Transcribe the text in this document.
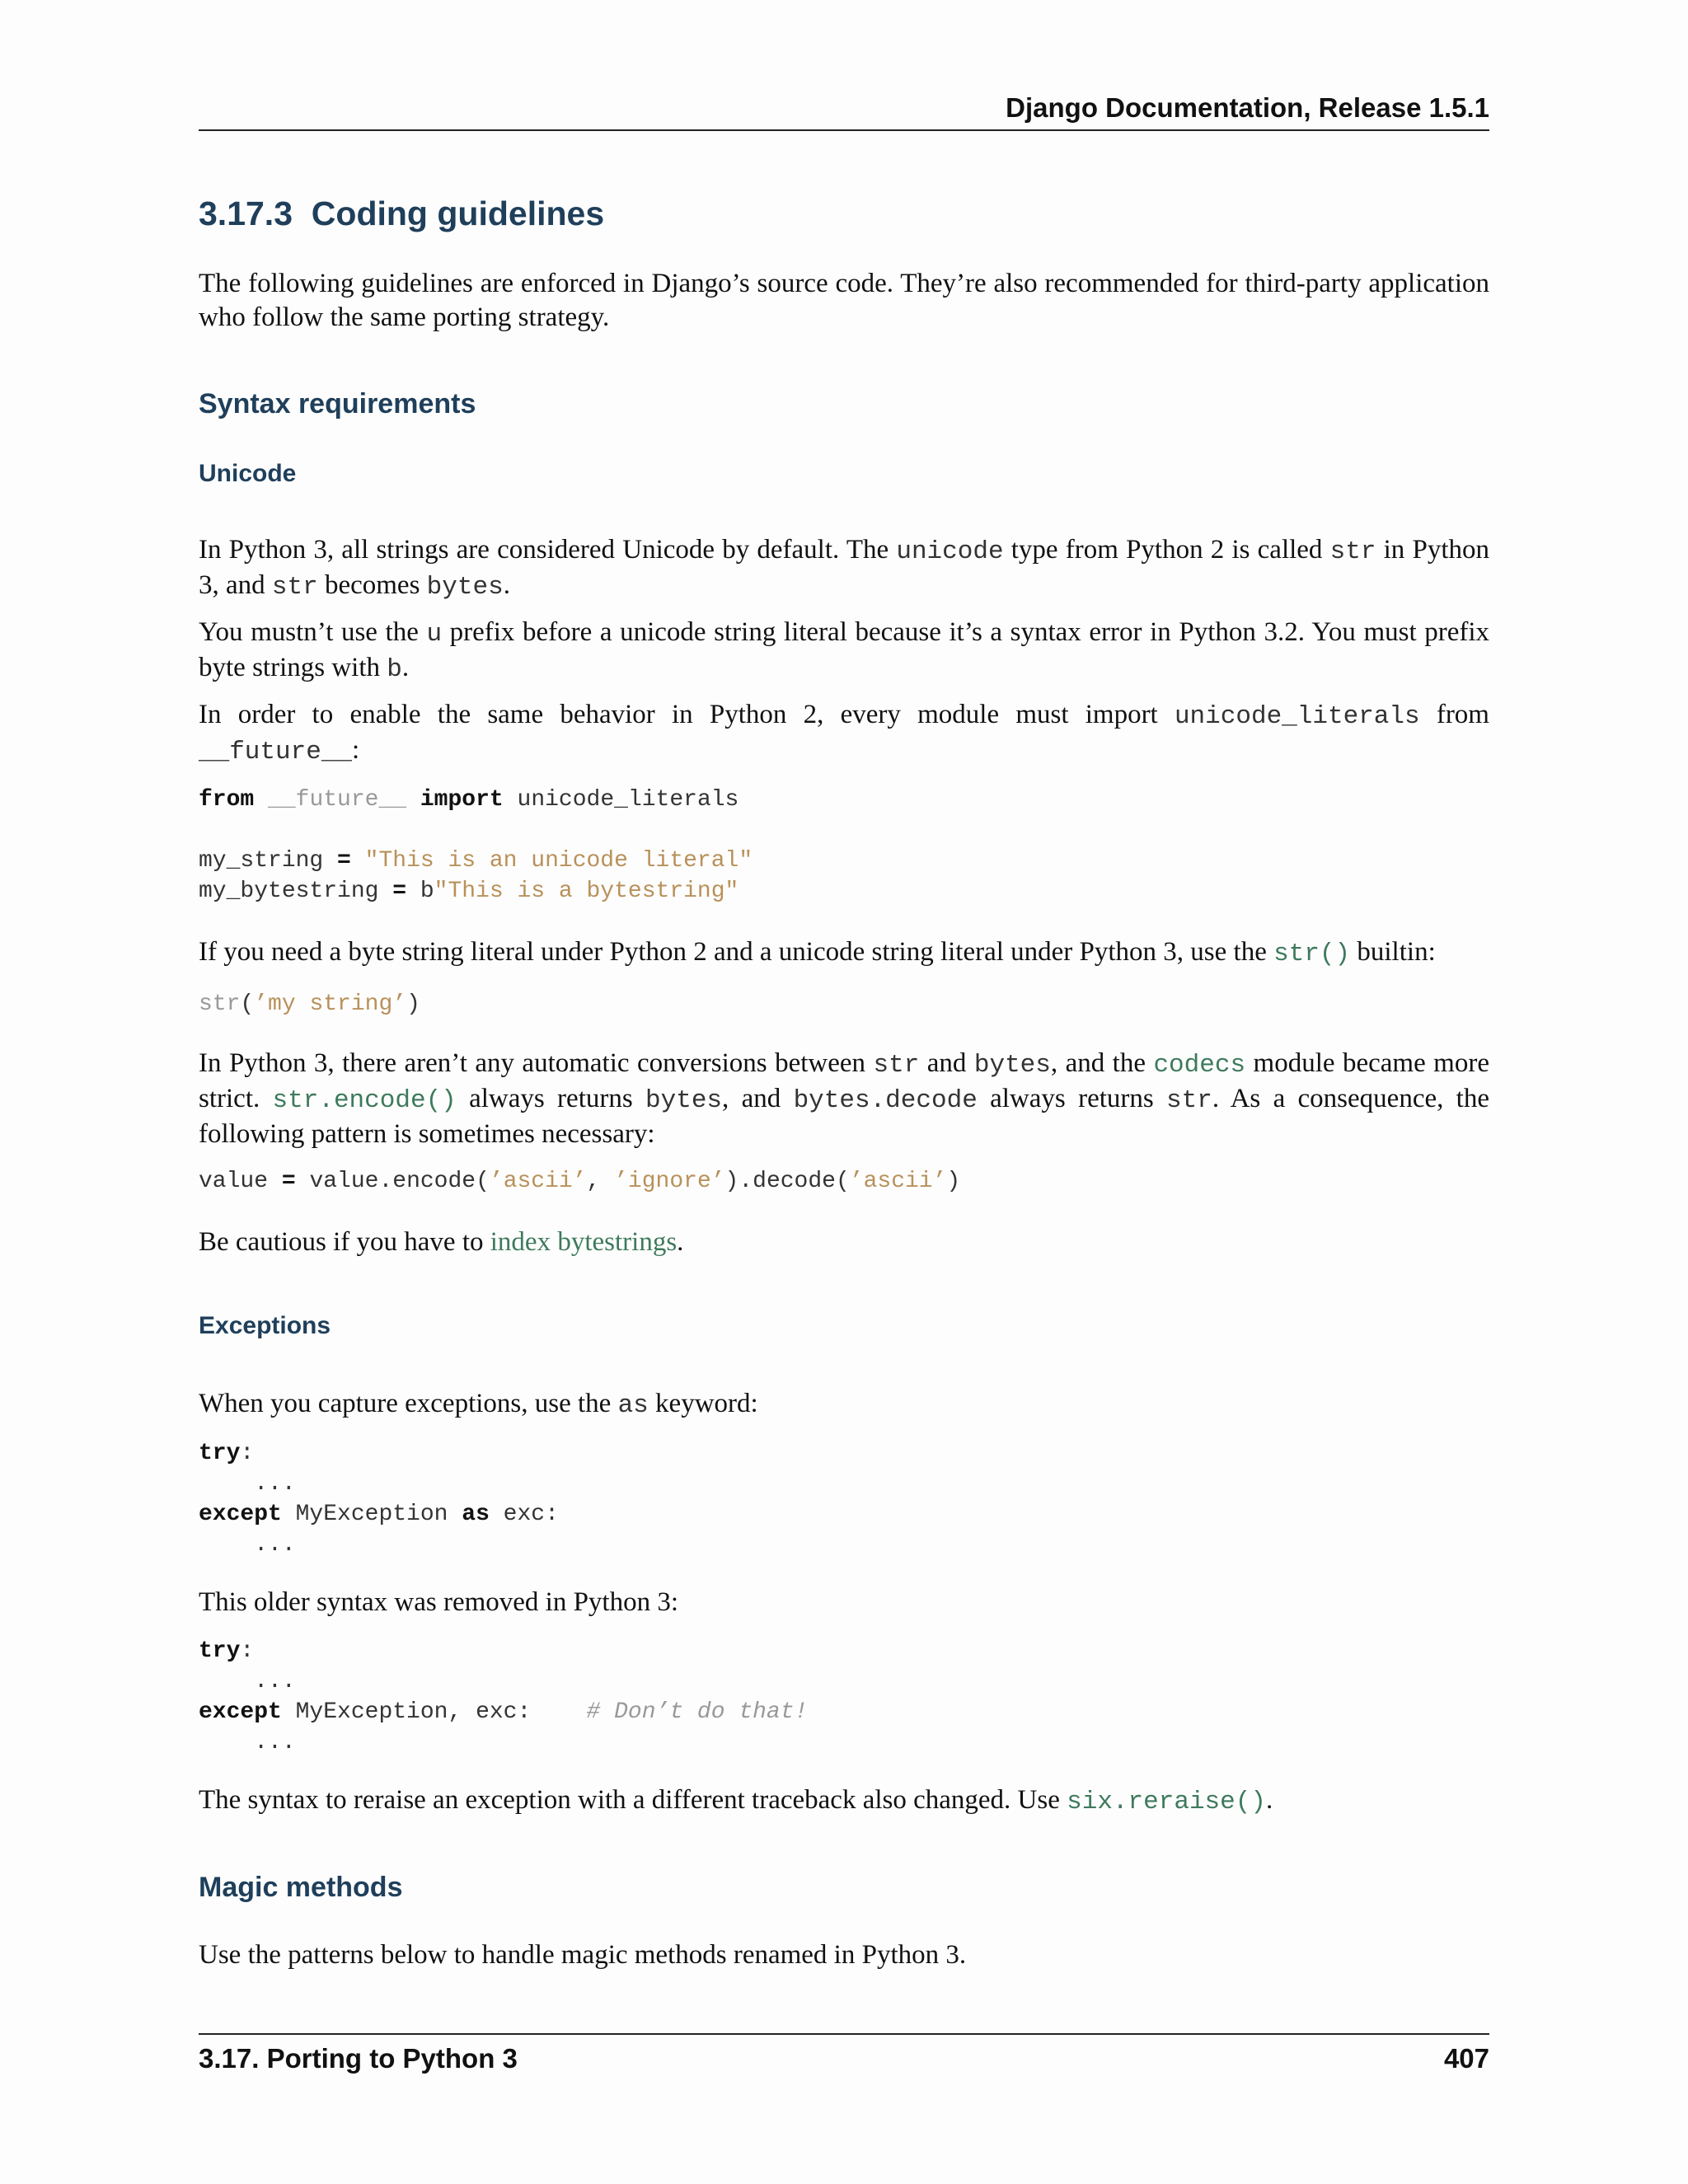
Django Documentation, Release 1.5.1
3.17.3 Coding guidelines

The following guidelines are enforced in Django’s source code. They’re also recommended for third-party application who follow the same porting strategy.

Syntax requirements
Unicode

In Python 3, all strings are considered Unicode by default. The unicode type from Python 2 is called str in Python 3, and str becomes bytes.

You mustn’t use the u prefix before a unicode string literal because it’s a syntax error in Python 3.2. You must prefix byte strings with b.

In order to enable the same behavior in Python 2, every module must import unicode_literals from __future__:

from __future__ import unicode_literals

my_string = "This is an unicode literal"
my_bytestring = b"This is a bytestring"

If you need a byte string literal under Python 2 and a unicode string literal under Python 3, use the str() builtin:

str(’my string’)

In Python 3, there aren’t any automatic conversions between str and bytes, and the codecs module became more strict. str.encode() always returns bytes, and bytes.decode always returns str. As a consequence, the following pattern is sometimes necessary:

value = value.encode(’ascii’, ’ignore’).decode(’ascii’)

Be cautious if you have to index bytestrings.

Exceptions

When you capture exceptions, use the as keyword:

try:
...
except MyException as exc:
...

This older syntax was removed in Python 3:

try:
...
except MyException, exc:    # Don’t do that!
...

The syntax to reraise an exception with a different traceback also changed. Use six.reraise().

Magic methods

Use the patterns below to handle magic methods renamed in Python 3.

3.17. Porting to Python 3	407
